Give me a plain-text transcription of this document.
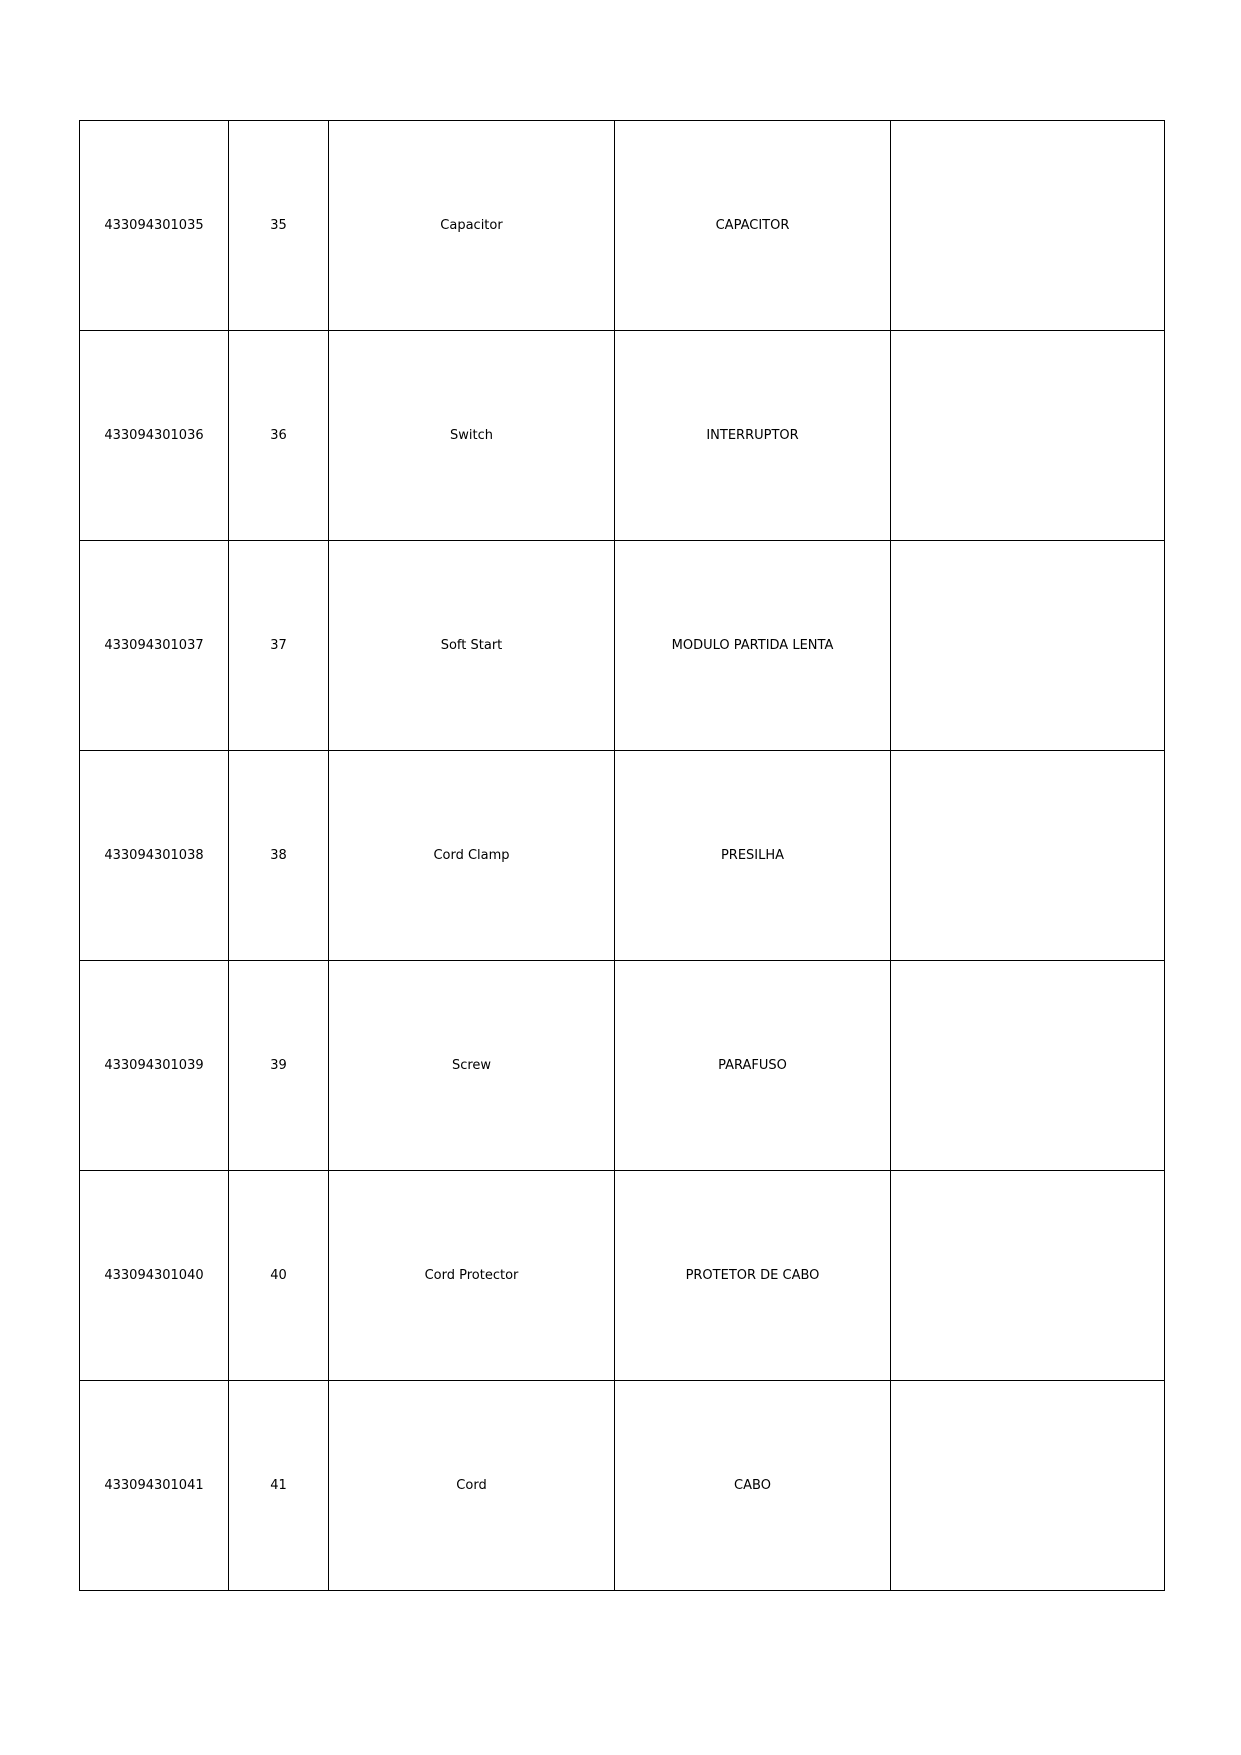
433094301035	35	Capacitor	CAPACITOR	
433094301036	36	Switch	INTERRUPTOR	
433094301037	37	Soft Start	MODULO PARTIDA LENTA	
433094301038	38	Cord Clamp	PRESILHA	
433094301039	39	Screw	PARAFUSO	
433094301040	40	Cord Protector	PROTETOR DE CABO	
433094301041	41	Cord	CABO	
